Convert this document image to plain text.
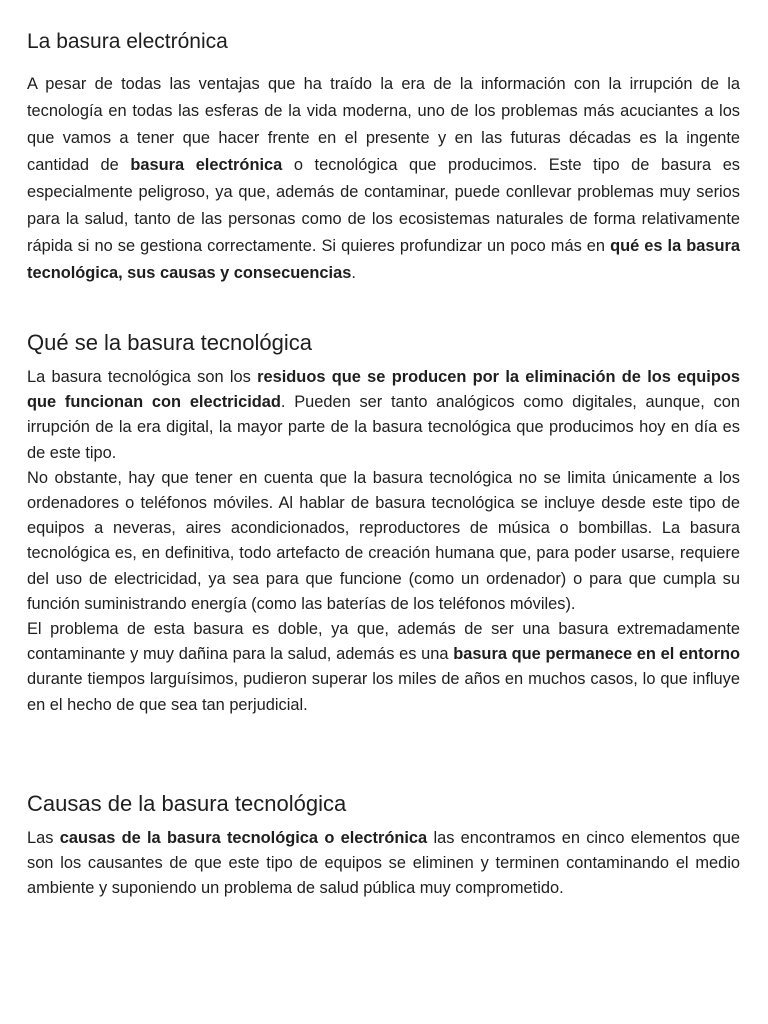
La basura electrónica

A pesar de todas las ventajas que ha traído la era de la información con la irrupción de la tecnología en todas las esferas de la vida moderna, uno de los problemas más acuciantes a los que vamos a tener que hacer frente en el presente y en las futuras décadas es la ingente cantidad de basura electrónica o tecnológica que producimos. Este tipo de basura es especialmente peligroso, ya que, además de contaminar, puede conllevar problemas muy serios para la salud, tanto de las personas como de los ecosistemas naturales de forma relativamente rápida si no se gestiona correctamente. Si quieres profundizar un poco más en qué es la basura tecnológica, sus causas y consecuencias.

Qué se la basura tecnológica

La basura tecnológica son los residuos que se producen por la eliminación de los equipos que funcionan con electricidad. Pueden ser tanto analógicos como digitales, aunque, con irrupción de la era digital, la mayor parte de la basura tecnológica que producimos hoy en día es de este tipo.

No obstante, hay que tener en cuenta que la basura tecnológica no se limita únicamente a los ordenadores o teléfonos móviles. Al hablar de basura tecnológica se incluye desde este tipo de equipos a neveras, aires acondicionados, reproductores de música o bombillas. La basura tecnológica es, en definitiva, todo artefacto de creación humana que, para poder usarse, requiere del uso de electricidad, ya sea para que funcione (como un ordenador) o para que cumpla su función suministrando energía (como las baterías de los teléfonos móviles).

El problema de esta basura es doble, ya que, además de ser una basura extremadamente contaminante y muy dañina para la salud, además es una basura que permanece en el entorno durante tiempos larguísimos, pudieron superar los miles de años en muchos casos, lo que influye en el hecho de que sea tan perjudicial.

Causas de la basura tecnológica

Las causas de la basura tecnológica o electrónica las encontramos en cinco elementos que son los causantes de que este tipo de equipos se eliminen y terminen contaminando el medio ambiente y suponiendo un problema de salud pública muy comprometido.
